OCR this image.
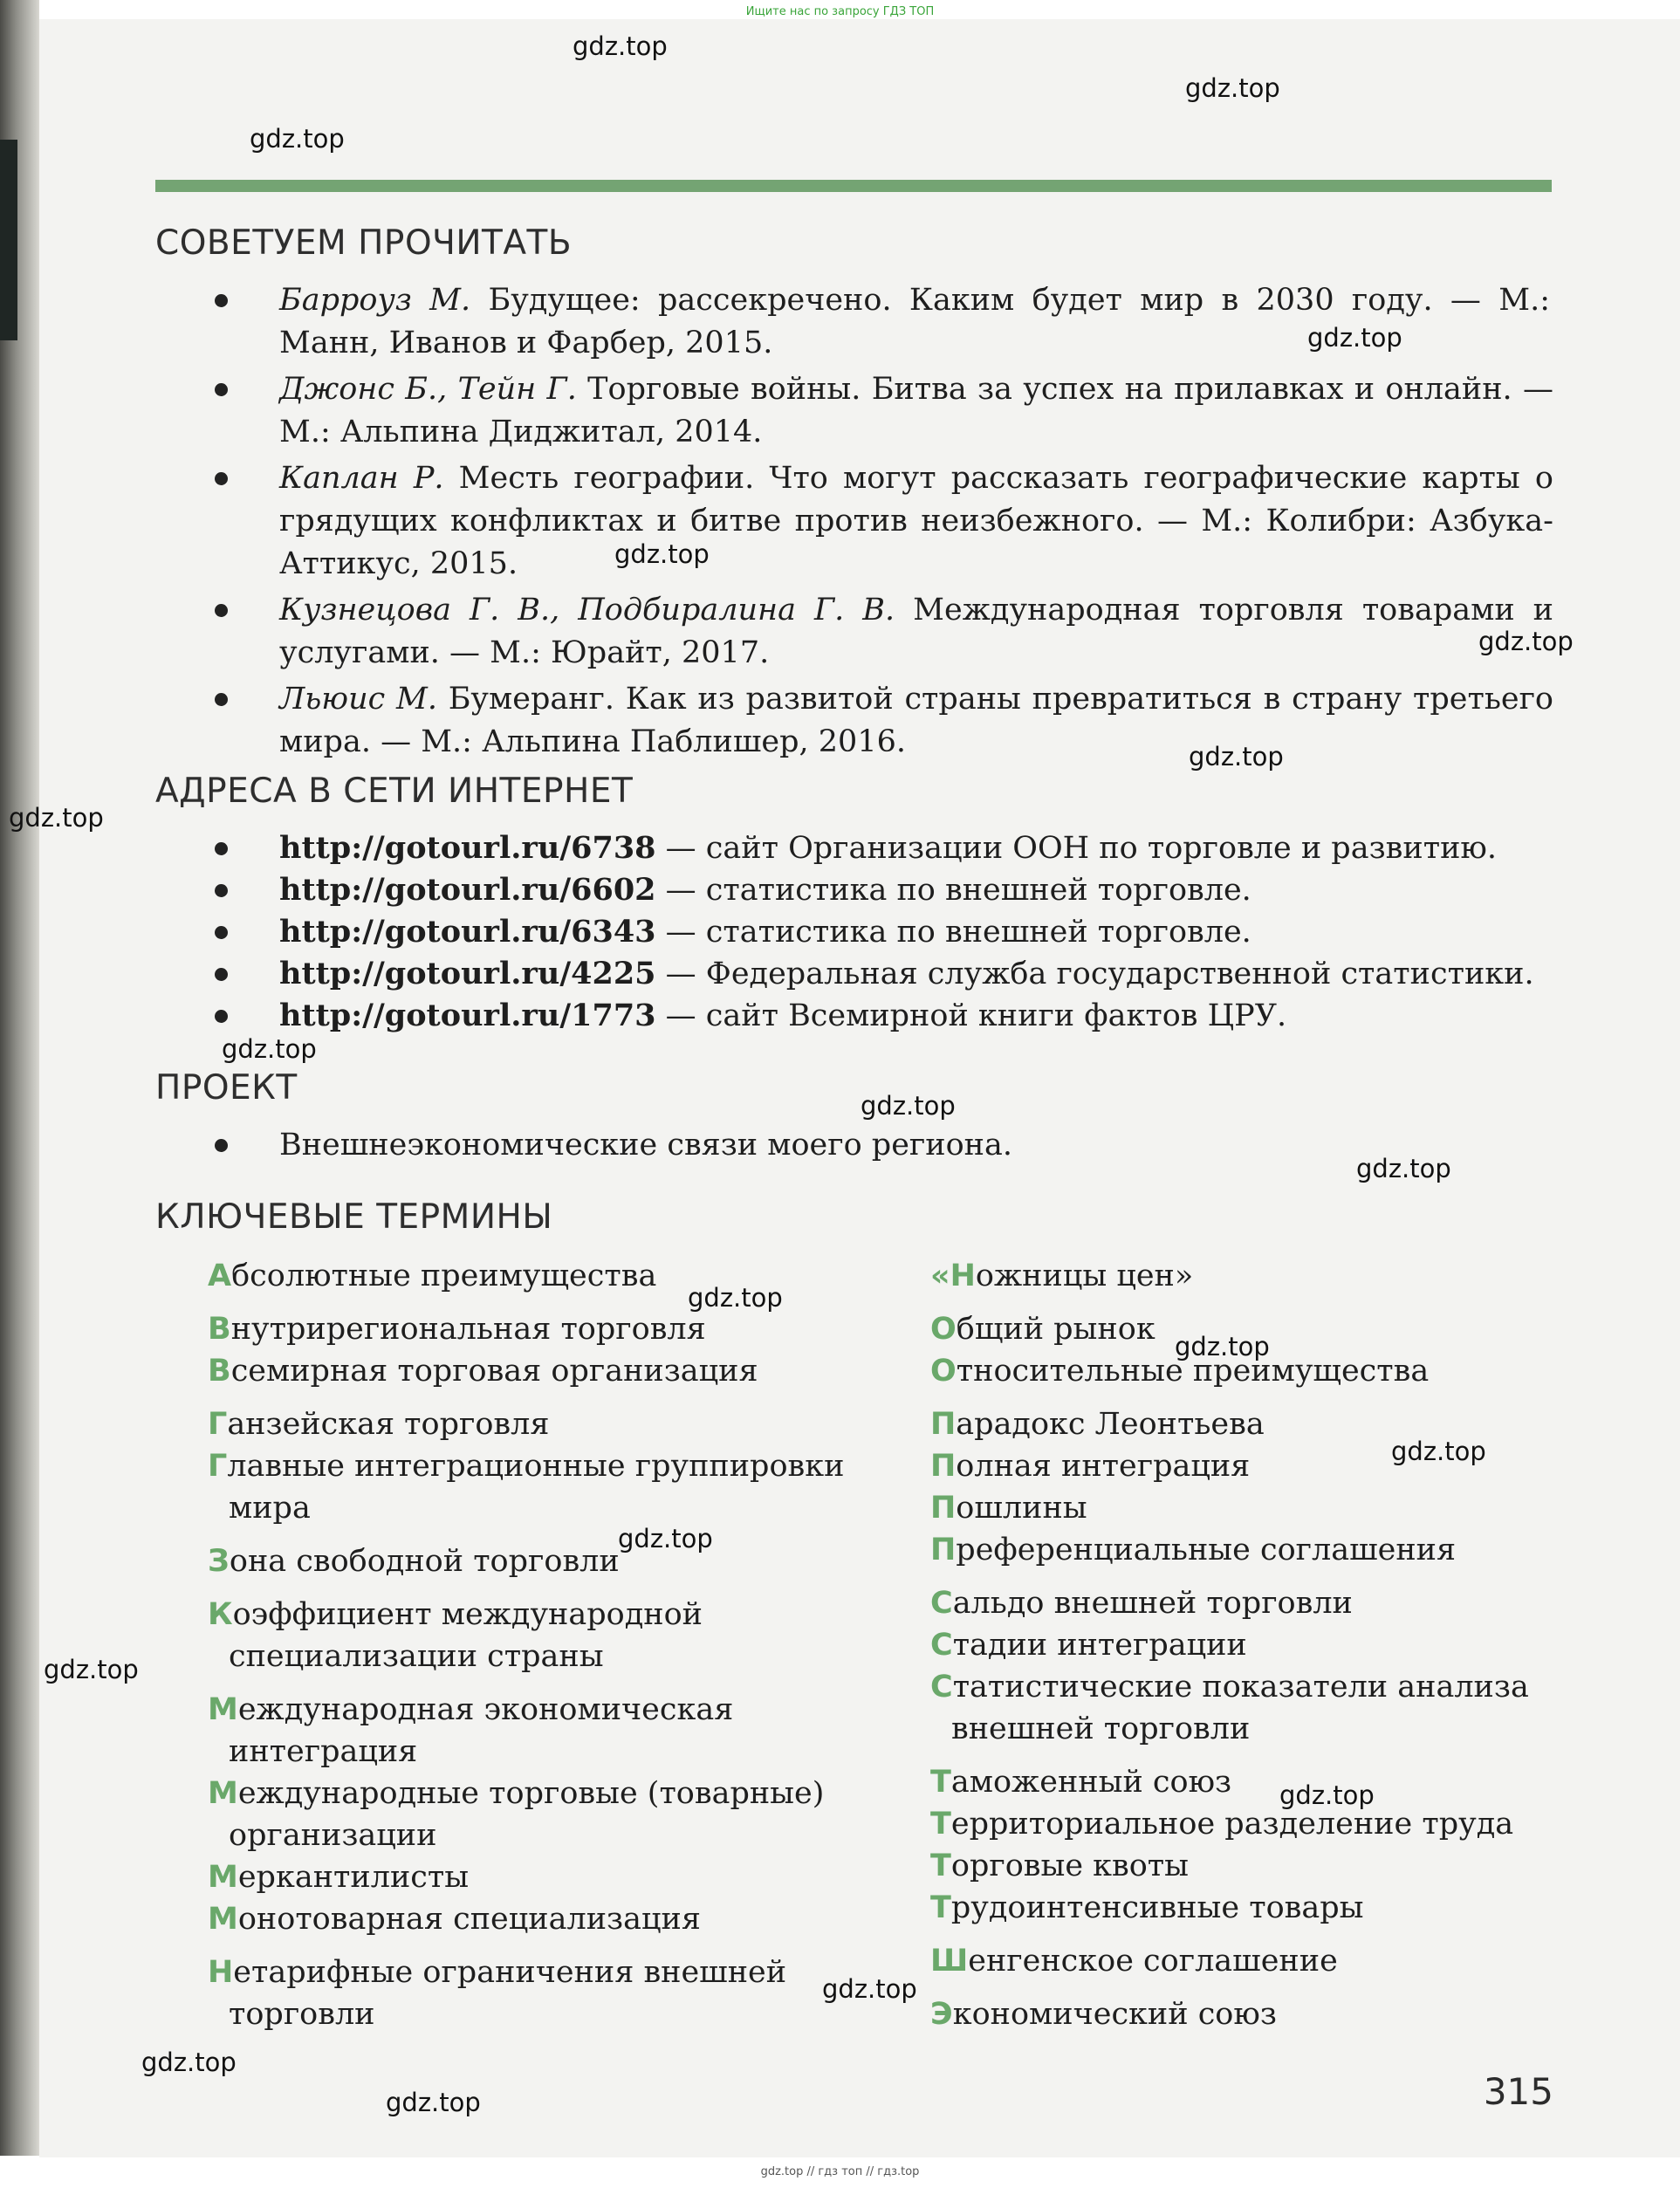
Ищите нас по запросу ГДЗ ТОП
СОВЕТУЕМ ПРОЧИТАТЬ
Барроуз М. Будущее: рассекречено. Каким будет мир в 2030 году. — М.: Манн, Иванов и Фарбер, 2015.
Джонс Б., Тейн Г. Торговые войны. Битва за успех на прилавках и онлайн. — М.: Альпина Диджитал, 2014.
Каплан Р. Месть географии. Что могут рассказать географические карты о грядущих конфликтах и битве против неизбежного. — М.: Колибри: Азбука-Аттикус, 2015.
Кузнецова Г. В., Подбиралина Г. В. Международная торговля товарами и услугами. — М.: Юрайт, 2017.
Льюис М. Бумеранг. Как из развитой страны превратиться в страну третьего мира. — М.: Альпина Паблишер, 2016.
АДРЕСА В СЕТИ ИНТЕРНЕТ
http://gotourl.ru/6738 — сайт Организации ООН по торговле и развитию.
http://gotourl.ru/6602 — статистика по внешней торговле.
http://gotourl.ru/6343 — статистика по внешней торговле.
http://gotourl.ru/4225 — Федеральная служба государственной статистики.
http://gotourl.ru/1773 — сайт Всемирной книги фактов ЦРУ.
ПРОЕКТ
Внешнеэкономические связи моего региона.
КЛЮЧЕВЫЕ ТЕРМИНЫ
Абсолютные преимущества
Внутрирегиональная торговля
Всемирная торговая организация
Ганзейская торговля
Главные интеграционные группировки мира
Зона свободной торговли
Коэффициент международной специализации страны
Международная экономическая интеграция
Международные торговые (товарные) организации
Меркантилисты
Монотоварная специализация
Нетарифные ограничения внешней торговли
«Ножницы цен»
Общий рынок
Относительные преимущества
Парадокс Леонтьева
Полная интеграция
Пошлины
Преференциальные соглашения
Сальдо внешней торговли
Стадии интеграции
Статистические показатели анализа внешней торговли
Таможенный союз
Территориальное разделение труда
Торговые квоты
Трудоинтенсивные товары
Шенгенское соглашение
Экономический союз
315
gdz.top
gdz.top
gdz.top
gdz.top
gdz.top
gdz.top
gdz.top
gdz.top
gdz.top
gdz.top
gdz.top
gdz.top
gdz.top
gdz.top
gdz.top
gdz.top
gdz.top
gdz.top
gdz.top
gdz.top
gdz.top // гдз топ // гдз.top
